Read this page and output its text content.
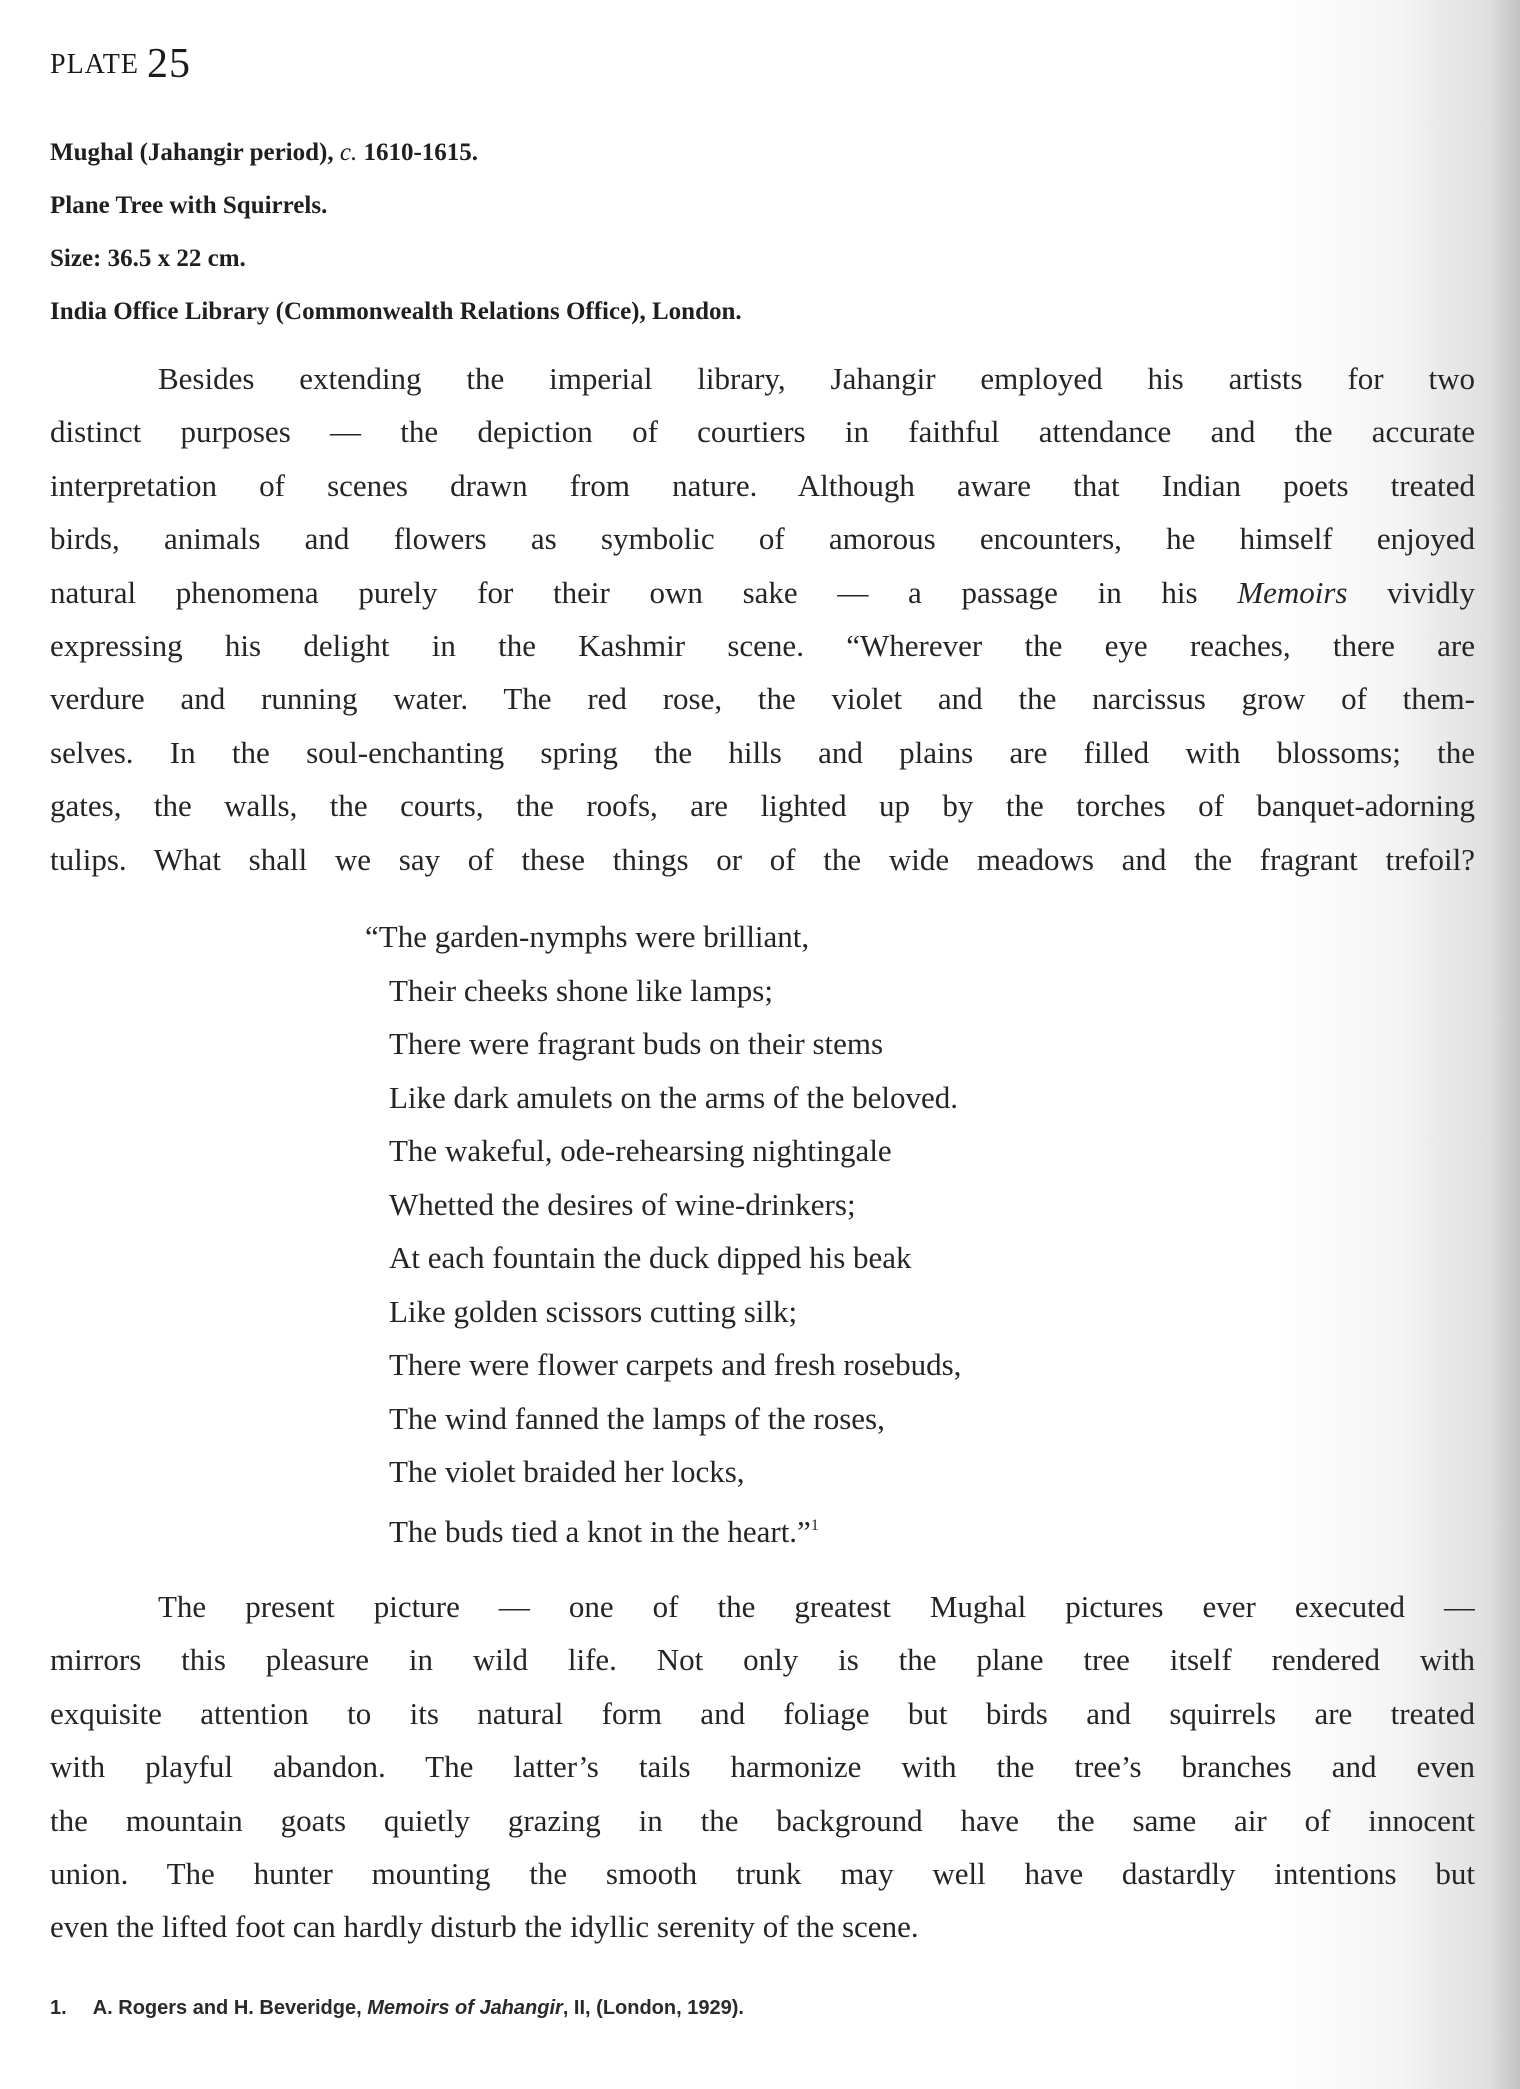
PLATE 25
Mughal (Jahangir period), c. 1610-1615.
Plane Tree with Squirrels.
Size: 36.5 x 22 cm.
India Office Library (Commonwealth Relations Office), London.
Besides extending the imperial library, Jahangir employed his artists for two
distinct purposes — the depiction of courtiers in faithful attendance and the accurate
interpretation of scenes drawn from nature. Although aware that Indian poets treated
birds, animals and flowers as symbolic of amorous encounters, he himself enjoyed
natural phenomena purely for their own sake — a passage in his Memoirs vividly
expressing his delight in the Kashmir scene. “Wherever the eye reaches, there are
verdure and running water. The red rose, the violet and the narcissus grow of them-
selves. In the soul-enchanting spring the hills and plains are filled with blossoms; the
gates, the walls, the courts, the roofs, are lighted up by the torches of banquet-adorning
tulips. What shall we say of these things or of the wide meadows and the fragrant trefoil?
“The garden-nymphs were brilliant,
Their cheeks shone like lamps;
There were fragrant buds on their stems
Like dark amulets on the arms of the beloved.
The wakeful, ode-rehearsing nightingale
Whetted the desires of wine-drinkers;
At each fountain the duck dipped his beak
Like golden scissors cutting silk;
There were flower carpets and fresh rosebuds,
The wind fanned the lamps of the roses,
The violet braided her locks,
The buds tied a knot in the heart.”$^1$
The present picture — one of the greatest Mughal pictures ever executed —
mirrors this pleasure in wild life. Not only is the plane tree itself rendered with
exquisite attention to its natural form and foliage but birds and squirrels are treated
with playful abandon. The latter’s tails harmonize with the tree’s branches and even
the mountain goats quietly grazing in the background have the same air of innocent
union. The hunter mounting the smooth trunk may well have dastardly intentions but
even the lifted foot can hardly disturb the idyllic serenity of the scene.
1. A. Rogers and H. Beveridge, Memoirs of Jahangir, II, (London, 1929).
